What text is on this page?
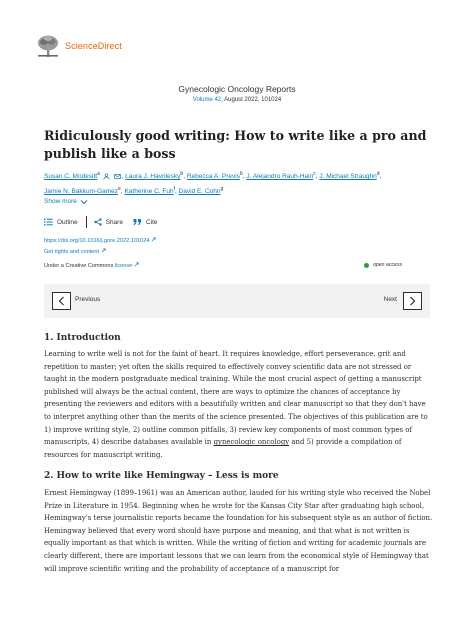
ScienceDirect
Gynecologic Oncology Reports
Volume 42, August 2022, 101024
Ridiculously good writing: How to write like a pro and publish like a boss
Susan C. Modesitt$^a$	, Laura J. Havrilesky$^b$, Rebecca A. Previs$^b$, J. Alejandro Rauh-Hain$^c$, J. Michael Straughn$^d$,
Jamie N. Bakkum-Gamez$^e$, Katherine C. Fuh$^f$, David E. Cohn$^g$
Show more
Outline	Share	Cite
https://doi.org/10.1016/j.gore.2022.101024
Get rights and content
Under a Creative Commons license	open access
Previous	Next
1. Introduction

Learning to write well is not for the faint of heart. It requires knowledge, effort perseverance, grit and repetition to master; yet often the skills required to effectively convey scientific data are not stressed or taught in the modern postgraduate medical training. While the most crucial aspect of getting a manuscript published will always be the actual content, there are ways to optimize the chances of acceptance by presenting the reviewers and editors with a beautifully written and clear manuscript so that they don't have to interpret anything other than the merits of the science presented. The objectives of this publication are to 1) improve writing style, 2) outline common pitfalls, 3) review key components of most common types of manuscripts, 4) describe databases available in gynecologic oncology and 5) provide a compilation of resources for manuscript writing.

2. How to write like Hemingway – Less is more

Ernest Hemingway (1899–1961) was an American author, lauded for his writing style who received the Nobel Prize in Literature in 1954. Beginning when he wrote for the Kansas City Star after graduating high school, Hemingway's terse journalistic reports became the foundation for his subsequent style as an author of fiction. Hemingway believed that every word should have purpose and meaning, and that what is not written is equally important as that which is written. While the writing of fiction and writing for academic journals are clearly different, there are important lessons that we can learn from the economical style of Hemingway that will improve scientific writing and the probability of acceptance of a manuscript for
